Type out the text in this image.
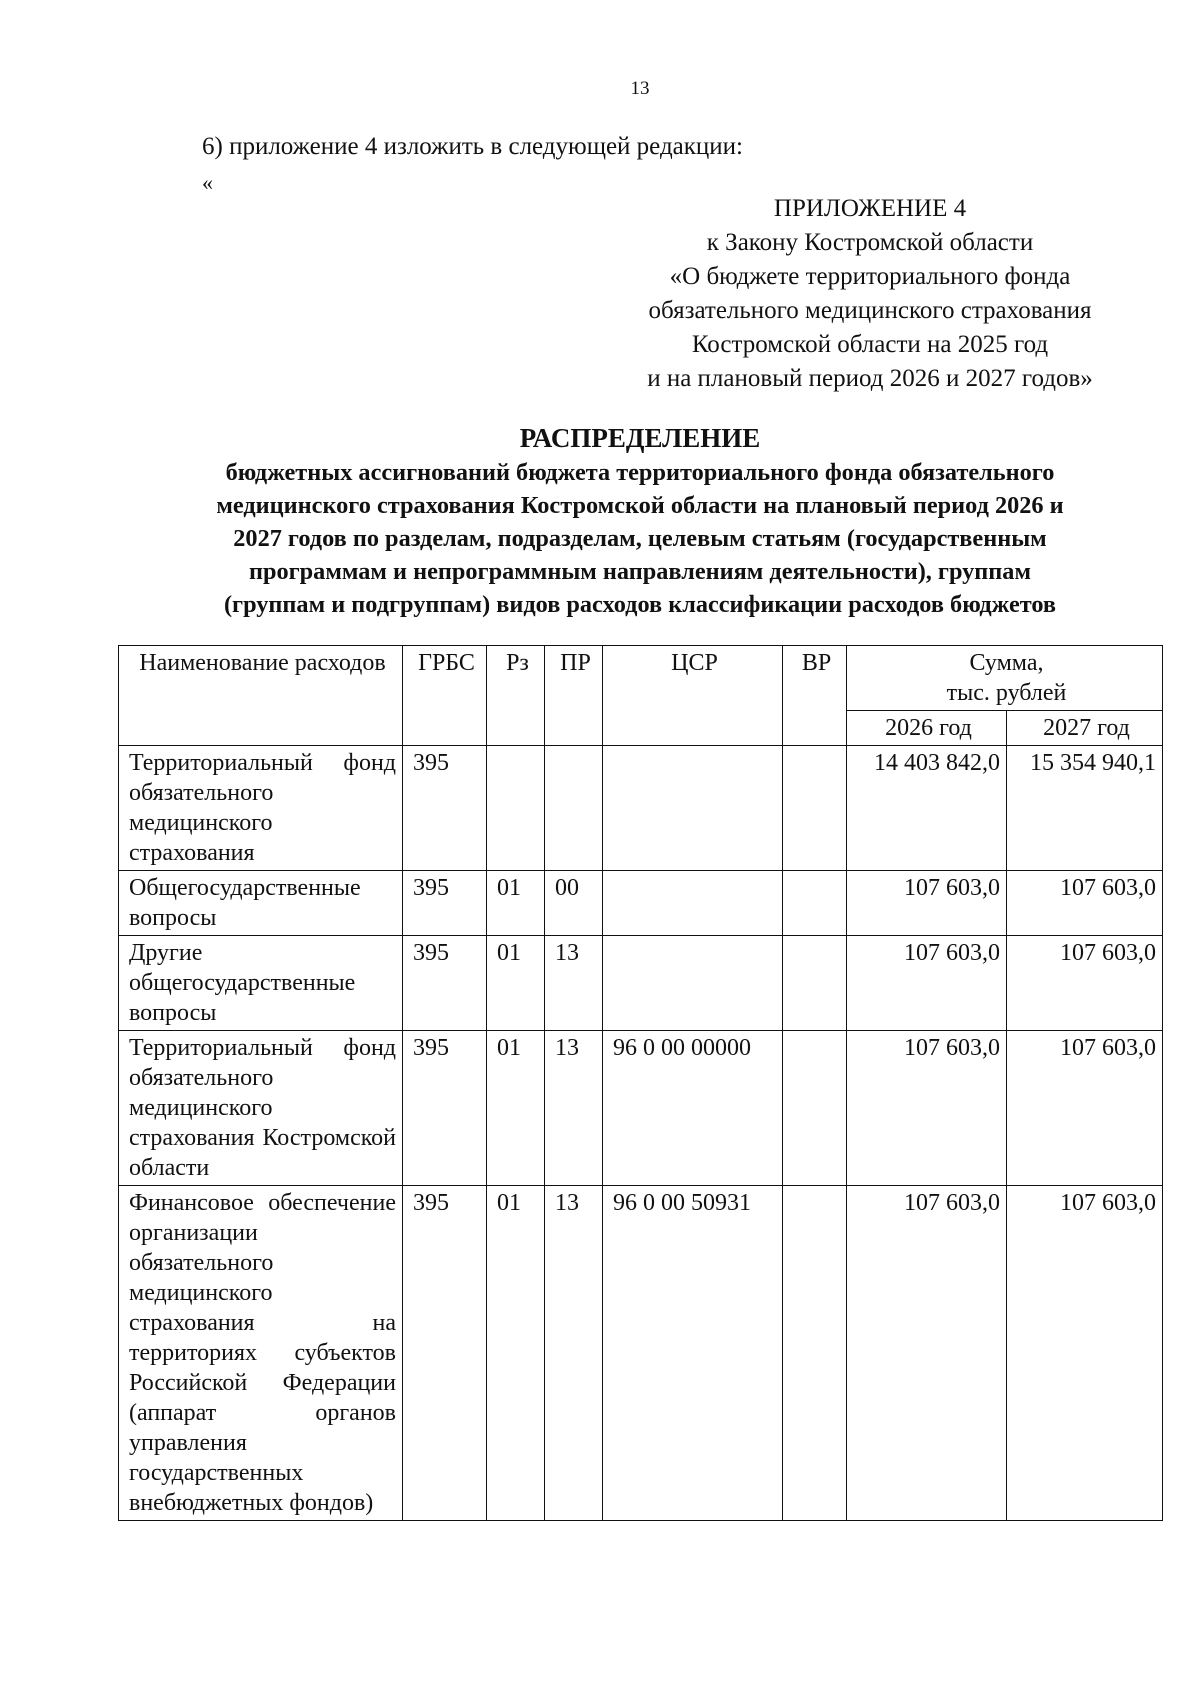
13
6) приложение 4 изложить в следующей редакции:
«
ПРИЛОЖЕНИЕ 4
к Закону Костромской области
«О бюджете территориального фонда
обязательного медицинского страхования
Костромской области на 2025 год
и на плановый период 2026 и 2027 годов»
РАСПРЕДЕЛЕНИЕ
бюджетных ассигнований бюджета территориального фонда обязательного
медицинского страхования Костромской области на плановый период 2026 и
2027 годов по разделам, подразделам, целевым статьям (государственным
программам и непрограммным направлениям деятельности), группам
(группам и подгруппам) видов расходов классификации расходов бюджетов
Наименование расходов	ГРБС	Рз	ПР	ЦСР	ВР	Сумма,
тыс. рублей	

						2026 год	2027 год
Территориальный фонд обязательного медицинского страхования	395					14 403 842,0	15 354 940,1
Общегосударственные вопросы	395	01	00			107 603,0	107 603,0
Другие общегосударственные вопросы	395	01	13			107 603,0	107 603,0
Территориальный фонд обязательного медицинского страхования Костромской области	395	01	13	96 0 00 00000		107 603,0	107 603,0
Финансовое обеспечение организации обязательного медицинского страхования на территориях субъектов Российской Федерации (аппарат органов управления государственных внебюджетных фондов)	395	01	13	96 0 00 50931		107 603,0	107 603,0
